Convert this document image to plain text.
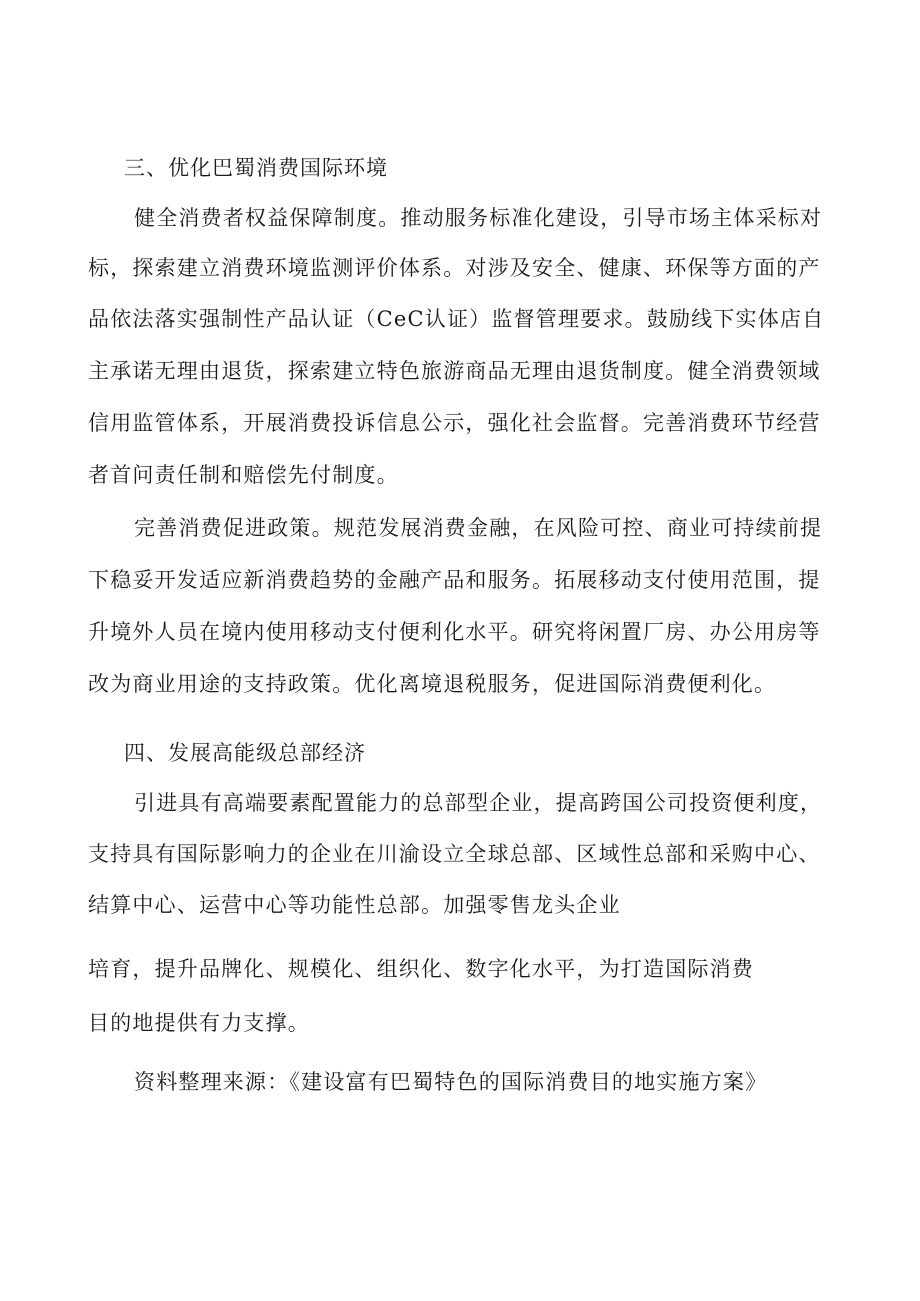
三、优化巴蜀消费国际环境
健全消费者权益保障制度。推动服务标准化建设，引导市场主体采标对
标，探索建立消费环境监测评价体系。对涉及安全、健康、环保等方面的产
品依法落实强制性产品认证（CeC认证）监督管理要求。鼓励线下实体店自
主承诺无理由退货，探索建立特色旅游商品无理由退货制度。健全消费领域
信用监管体系，开展消费投诉信息公示，强化社会监督。完善消费环节经营
者首问责任制和赔偿先付制度。
完善消费促进政策。规范发展消费金融，在风险可控、商业可持续前提
下稳妥开发适应新消费趋势的金融产品和服务。拓展移动支付使用范围，提
升境外人员在境内使用移动支付便利化水平。研究将闲置厂房、办公用房等
改为商业用途的支持政策。优化离境退税服务，促进国际消费便利化。
四、发展高能级总部经济
引进具有高端要素配置能力的总部型企业，提高跨国公司投资便利度，
支持具有国际影响力的企业在川渝设立全球总部、区域性总部和采购中心、
结算中心、运营中心等功能性总部。加强零售龙头企业
培育，提升品牌化、规模化、组织化、数字化水平，为打造国际消费
目的地提供有力支撑。
资料整理来源：《建设富有巴蜀特色的国际消费目的地实施方案》
